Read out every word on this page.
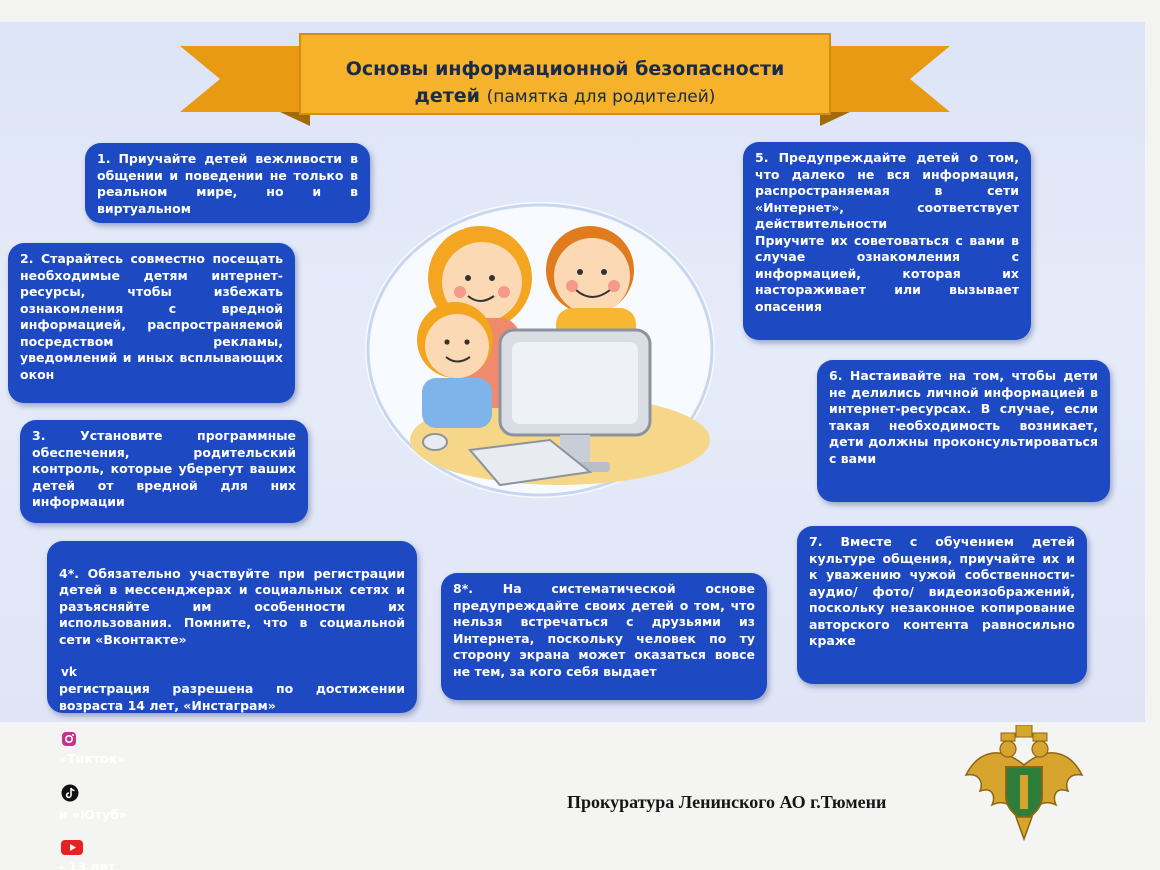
Основы информационной безопасности
детей (памятка для родителей)
1. Приучайте детей вежливости в общении и поведении не только в реальном мире, но и в виртуальном
2. Старайтесь совместно посещать необходимые детям интернет- ресурсы, чтобы избежать ознакомления с вредной информацией, распространяемой посредством рекламы, уведомлений и иных всплывающих окон
3. Установите программные обеспечения, родительский контроль, которые уберегут ваших детей от вредной для них информации

4*. Обязательно участвуйте при регистрации детей в мессенджерах и социальных сетях и разъясняйте им особенности их использования. Помните, что в социальной сети «Вконтакте»

vk

регистрация разрешена по достижении возраста 14 лет, «Инстаграм»

«Тикток»

и «Ютуб»

- 13 лет

5. Предупреждайте детей о том, что далеко не вся информация, распространяемая в сети «Интернет», соответствует действительности
Приучите их советоваться с вами в случае ознакомления с информацией, которая их настораживает или вызывает опасения
6. Настаивайте на том, чтобы дети не делились личной информацией в интернет-ресурсах. В случае, если такая необходимость возникает, дети должны проконсультироваться с вами
7. Вместе с обучением детей культуре общения, приучайте их и к уважению чужой собственности- аудио/ фото/ видеоизображений, поскольку незаконное копирование авторского контента равносильно краже
8*. На систематической основе предупреждайте своих детей о том, что нельзя встречаться с друзьями из Интернета, поскольку человек по ту сторону экрана может оказаться вовсе не тем, за кого себя выдает
Прокуратура Ленинского АО г.Тюмени
